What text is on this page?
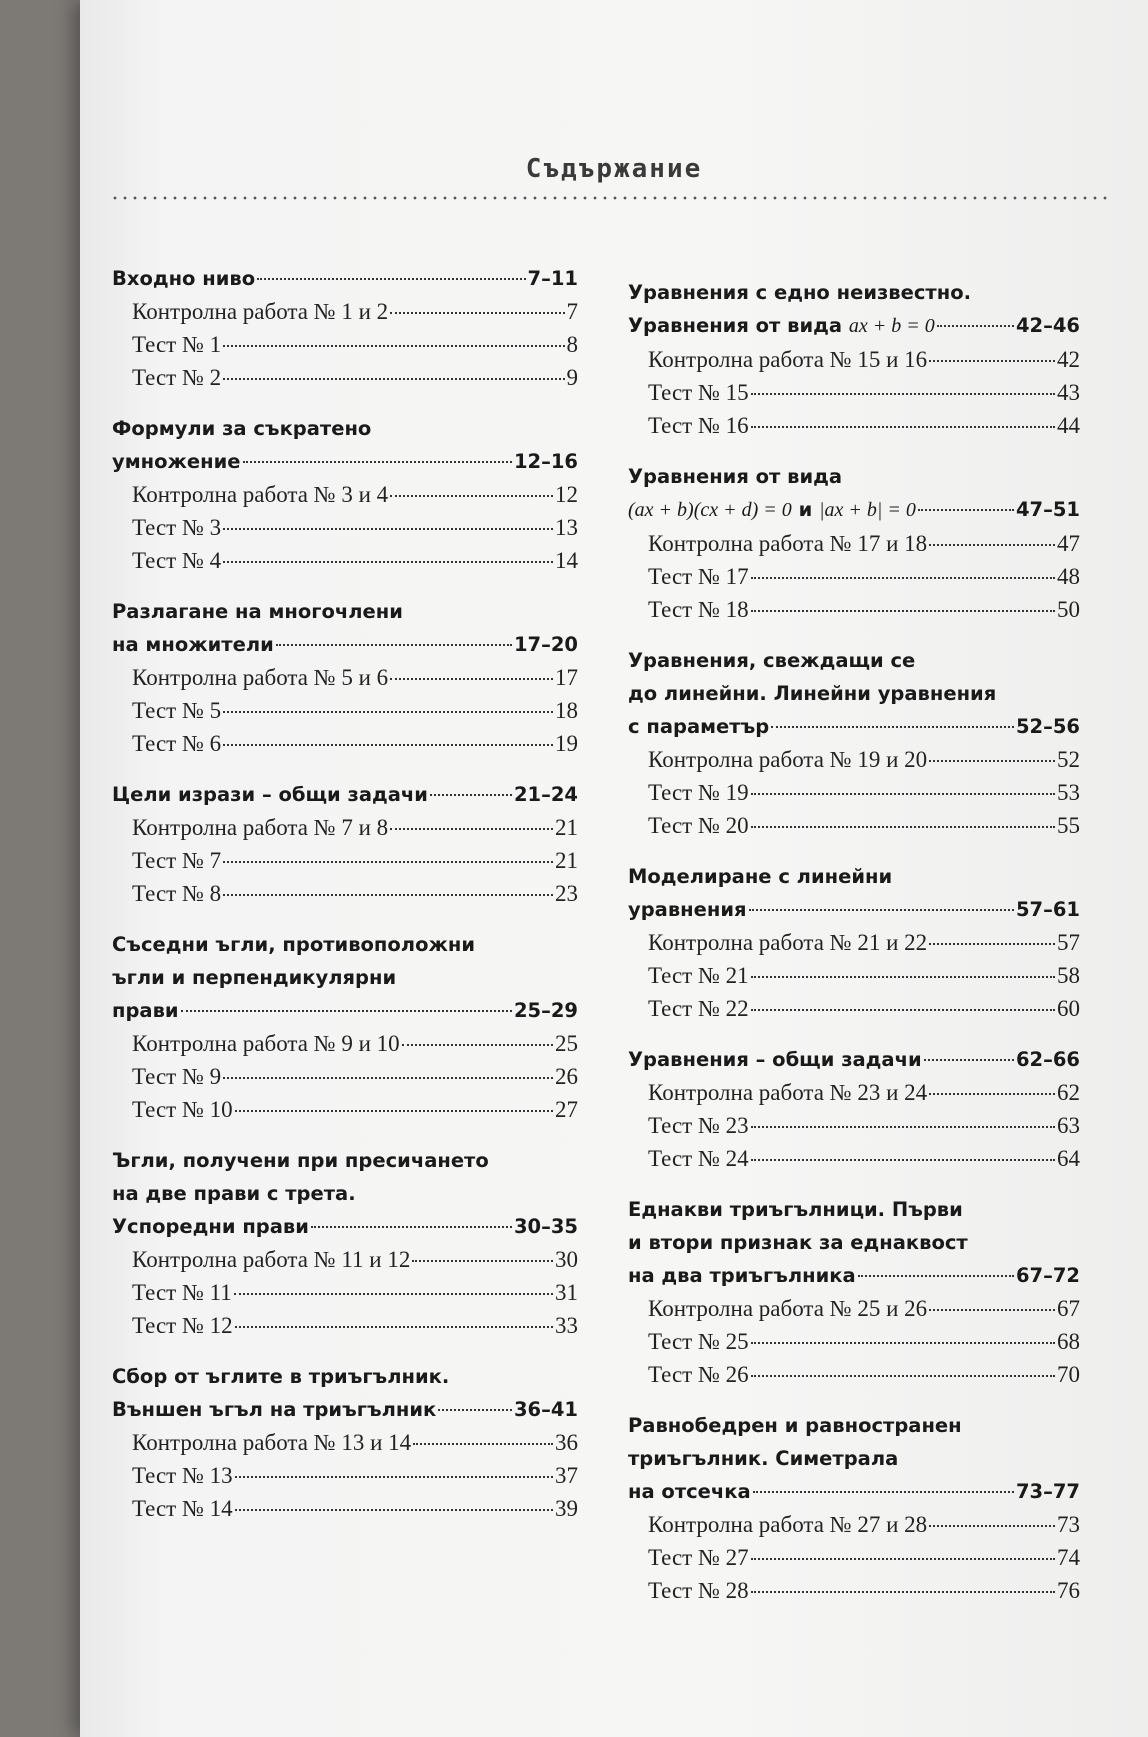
Съдържание
Входно ниво	7–11
Контролна работа № 1 и 2	7
Тест № 1	8
Тест № 2	9
Формули за съкратено
умножение	12–16
Контролна работа № 3 и 4	12
Тест № 3	13
Тест № 4	14
Разлагане на многочлени
на множители	17–20
Контролна работа № 5 и 6	17
Тест № 5	18
Тест № 6	19
Цели изрази – общи задачи	21–24
Контролна работа № 7 и 8	21
Тест № 7	21
Тест № 8	23
Съседни ъгли, противоположни
ъгли и перпендикулярни
прави	25–29
Контролна работа № 9 и 10	25
Тест № 9	26
Тест № 10	27
Ъгли, получени при пресичането
на две прави с трета.
Успоредни прави	30–35
Контролна работа № 11 и 12	30
Тест № 11	31
Тест № 12	33
Сбор от ъглите в триъгълник.
Външен ъгъл на триъгълник	36–41
Контролна работа № 13 и 14	36
Тест № 13	37
Тест № 14	39
Уравнения с едно неизвестно.
Уравнения от вида ax + b = 0	42–46
Контролна работа № 15 и 16	42
Тест № 15	43
Тест № 16	44
Уравнения от вида
(ax + b)(cx + d) = 0 и |ax + b| = 0	47–51
Контролна работа № 17 и 18	47
Тест № 17	48
Тест № 18	50
Уравнения, свеждащи се
до линейни. Линейни уравнения
с параметър	52–56
Контролна работа № 19 и 20	52
Тест № 19	53
Тест № 20	55
Моделиране с линейни
уравнения	57–61
Контролна работа № 21 и 22	57
Тест № 21	58
Тест № 22	60
Уравнения – общи задачи	62–66
Контролна работа № 23 и 24	62
Тест № 23	63
Тест № 24	64
Еднакви триъгълници. Първи
и втори признак за еднаквост
на два триъгълника	67–72
Контролна работа № 25 и 26	67
Тест № 25	68
Тест № 26	70
Равнобедрен и равностранен
триъгълник. Симетрала
на отсечка	73–77
Контролна работа № 27 и 28	73
Тест № 27	74
Тест № 28	76
